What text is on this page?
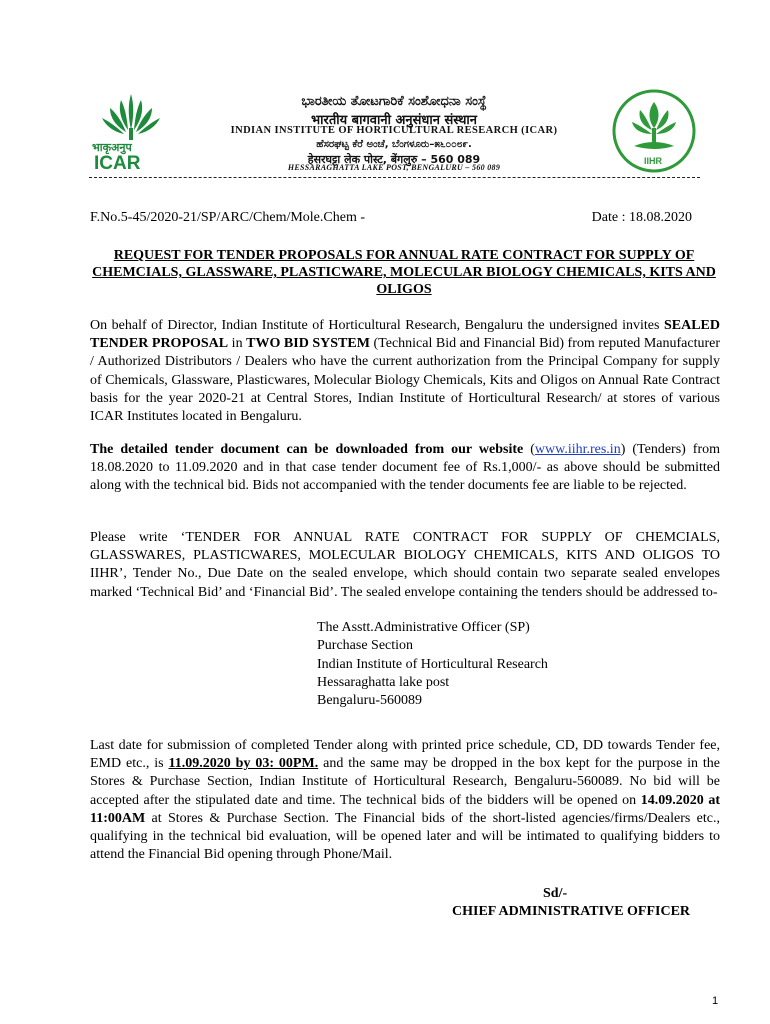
भाकृअनुप
ICAR
ಭಾರತೀಯ ತೋಟಗಾರಿಕೆ ಸಂಶೋಧನಾ ಸಂಸ್ಥೆ
भारतीय बागवानी अनुसंधान संस्थान
INDIAN INSTITUTE OF HORTICULTURAL RESEARCH (ICAR)
ಹೆಸರಘಟ್ಟ ಕೆರೆ ಅಂಚೆ, ಬೆಂಗಳೂರು–೫೬೦೦೮೯.
हेसरघट्टा लेक पोस्ट, बेंगलुरु – 560 089
HESSARAGHATTA LAKE POST, BENGALURU – 560 089
IIHR
F.No.5-45/2020-21/SP/ARC/Chem/Mole.Chem -	Date : 18.08.2020
REQUEST FOR TENDER PROPOSALS FOR ANNUAL RATE CONTRACT FOR SUPPLY OF CHEMCIALS, GLASSWARE, PLASTICWARE, MOLECULAR BIOLOGY CHEMICALS, KITS AND OLIGOS
On behalf of Director, Indian Institute of Horticultural Research, Bengaluru the undersigned invites SEALED TENDER PROPOSAL in TWO BID SYSTEM (Technical Bid and Financial Bid) from reputed Manufacturer / Authorized Distributors / Dealers who have the current authorization from the Principal Company for supply of Chemicals, Glassware, Plasticwares, Molecular Biology Chemicals, Kits and Oligos on Annual Rate Contract basis for the year 2020-21 at Central Stores, Indian Institute of Horticultural Research/ at stores of various ICAR Institutes located in Bengaluru.
The detailed tender document can be downloaded from our website (www.iihr.res.in) (Tenders) from 18.08.2020 to 11.09.2020 and in that case tender document fee of Rs.1,000/- as above should be submitted along with the technical bid. Bids not accompanied with the tender documents fee are liable to be rejected.
Please write ‘TENDER FOR ANNUAL RATE CONTRACT FOR SUPPLY OF CHEMCIALS, GLASSWARES, PLASTICWARES, MOLECULAR BIOLOGY CHEMICALS, KITS AND OLIGOS TO IIHR’, Tender No., Due Date on the sealed envelope, which should contain two separate sealed envelopes marked ‘Technical Bid’ and ‘Financial Bid’. The sealed envelope containing the tenders should be addressed to-
The Asstt.Administrative Officer (SP)
Purchase Section
Indian Institute of Horticultural Research
Hessaraghatta lake post
Bengaluru-560089
Last date for submission of completed Tender along with printed price schedule, CD, DD towards Tender fee, EMD etc., is 11.09.2020 by 03: 00PM. and the same may be dropped in the box kept for the purpose in the Stores & Purchase Section, Indian Institute of Horticultural Research, Bengaluru-560089. No bid will be accepted after the stipulated date and time. The technical bids of the bidders will be opened on 14.09.2020 at 11:00AM at Stores & Purchase Section. The Financial bids of the short-listed agencies/firms/Dealers etc., qualifying in the technical bid evaluation, will be opened later and will be intimated to qualifying bidders to attend the Financial Bid opening through Phone/Mail.
Sd/-
CHIEF ADMINISTRATIVE OFFICER
1
